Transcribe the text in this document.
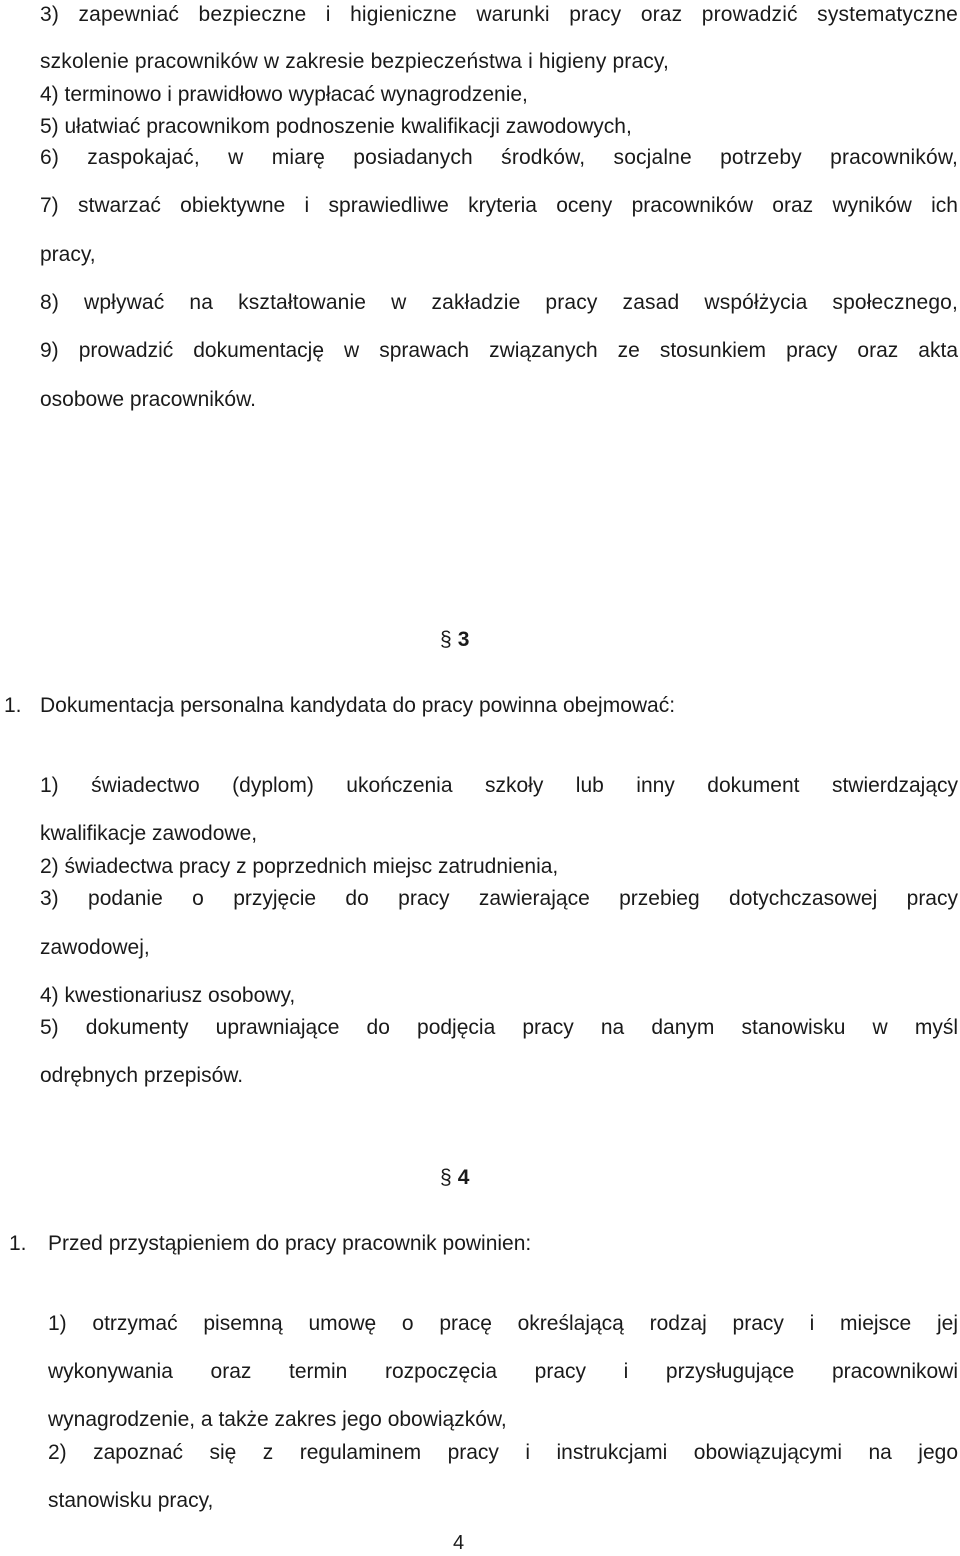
3) zapewniać bezpieczne i higieniczne warunki pracy oraz prowadzić systematyczne
szkolenie pracowników w zakresie bezpieczeństwa i higieny pracy,
4) terminowo i prawidłowo wypłacać wynagrodzenie,
5) ułatwiać pracownikom podnoszenie kwalifikacji zawodowych,
6) zaspokajać, w miarę posiadanych środków, socjalne potrzeby pracowników,
7) stwarzać obiektywne i sprawiedliwe kryteria oceny pracowników oraz wyników ich
pracy,
8) wpływać na kształtowanie w zakładzie pracy zasad współżycia społecznego,
9) prowadzić dokumentację w sprawach związanych ze stosunkiem pracy oraz akta
osobowe pracowników.
§ 3
1. Dokumentacja personalna kandydata do pracy powinna obejmować:
1) świadectwo (dyplom) ukończenia szkoły lub inny dokument stwierdzający
kwalifikacje zawodowe,
2) świadectwa pracy z poprzednich miejsc zatrudnienia,
3) podanie o przyjęcie do pracy zawierające przebieg dotychczasowej pracy
zawodowej,
4) kwestionariusz osobowy,
5) dokumenty uprawniające do podjęcia pracy na danym stanowisku w myśl
odrębnych przepisów.
§ 4
1. Przed przystąpieniem do pracy pracownik powinien:
1) otrzymać pisemną umowę o pracę określającą rodzaj pracy i miejsce jej
wykonywania oraz termin rozpoczęcia pracy i przysługujące pracownikowi
wynagrodzenie, a także zakres jego obowiązków,
2) zapoznać się z regulaminem pracy i instrukcjami obowiązującymi na jego
stanowisku pracy,
4
